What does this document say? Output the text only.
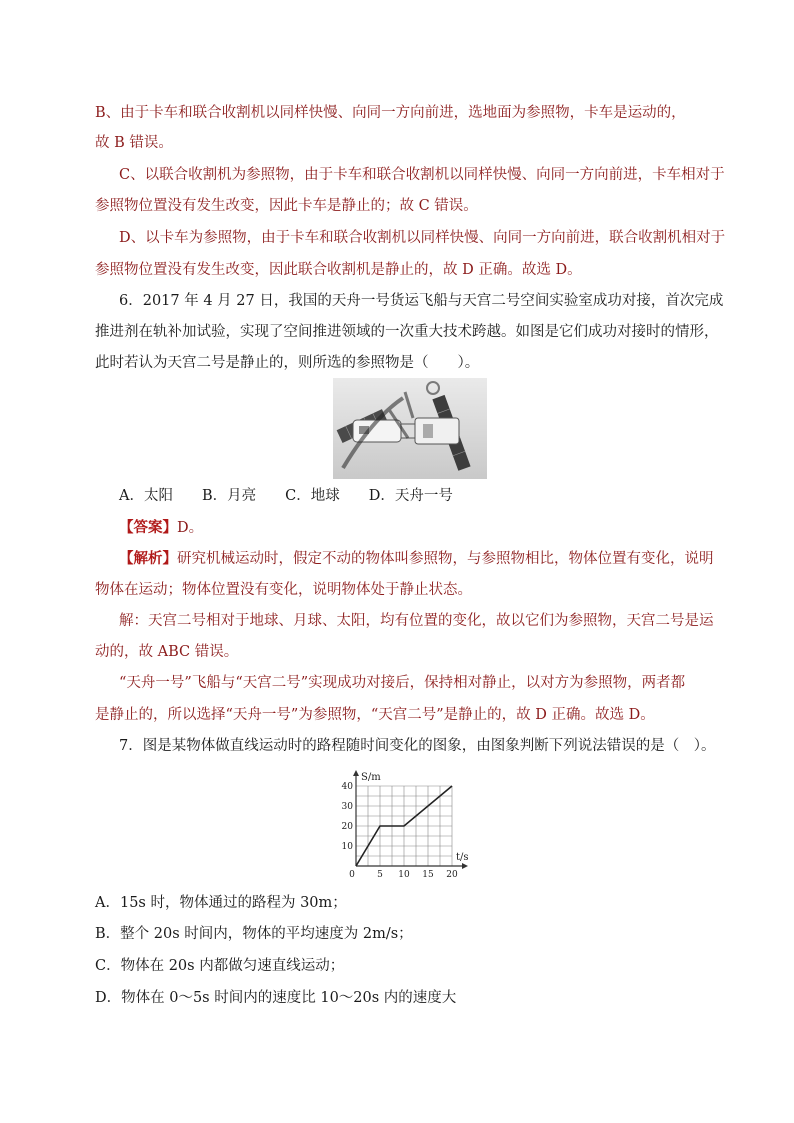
B、由于卡车和联合收割机以同样快慢、向同一方向前进，选地面为参照物，卡车是运动的，
故 B 错误。
C、以联合收割机为参照物，由于卡车和联合收割机以同样快慢、向同一方向前进，卡车相对于
参照物位置没有发生改变，因此卡车是静止的；故 C 错误。
D、以卡车为参照物，由于卡车和联合收割机以同样快慢、向同一方向前进，联合收割机相对于
参照物位置没有发生改变，因此联合收割机是静止的，故 D 正确。故选 D。
6．2017 年 4 月 27 日，我国的天舟一号货运飞船与天宫二号空间实验室成功对接，首次完成
推进剂在轨补加试验，实现了空间推进领域的一次重大技术跨越。如图是它们成功对接时的情形，
此时若认为天宫二号是静止的，则所选的参照物是（　　）。
A．太阳　　B．月亮　　C．地球　　D．天舟一号
【答案】D。
【解析】研究机械运动时，假定不动的物体叫参照物，与参照物相比，物体位置有变化，说明
物体在运动；物体位置没有变化，说明物体处于静止状态。
解：天宫二号相对于地球、月球、太阳，均有位置的变化，故以它们为参照物，天宫二号是运
动的，故 ABC 错误。
“天舟一号”飞船与“天宫二号”实现成功对接后，保持相对静止，以对方为参照物，两者都
是静止的，所以选择“天舟一号”为参照物，“天宫二号”是静止的，故 D 正确。故选 D。
7．图是某物体做直线运动时的路程随时间变化的图象，由图象判断下列说法错误的是（　）。
0 5 10 15 20
10
20
30
40
S/m
t/s
A．15s 时，物体通过的路程为 30m；
B．整个 20s 时间内，物体的平均速度为 2m/s；
C．物体在 20s 内都做匀速直线运动；
D．物体在 0～5s 时间内的速度比 10～20s 内的速度大
